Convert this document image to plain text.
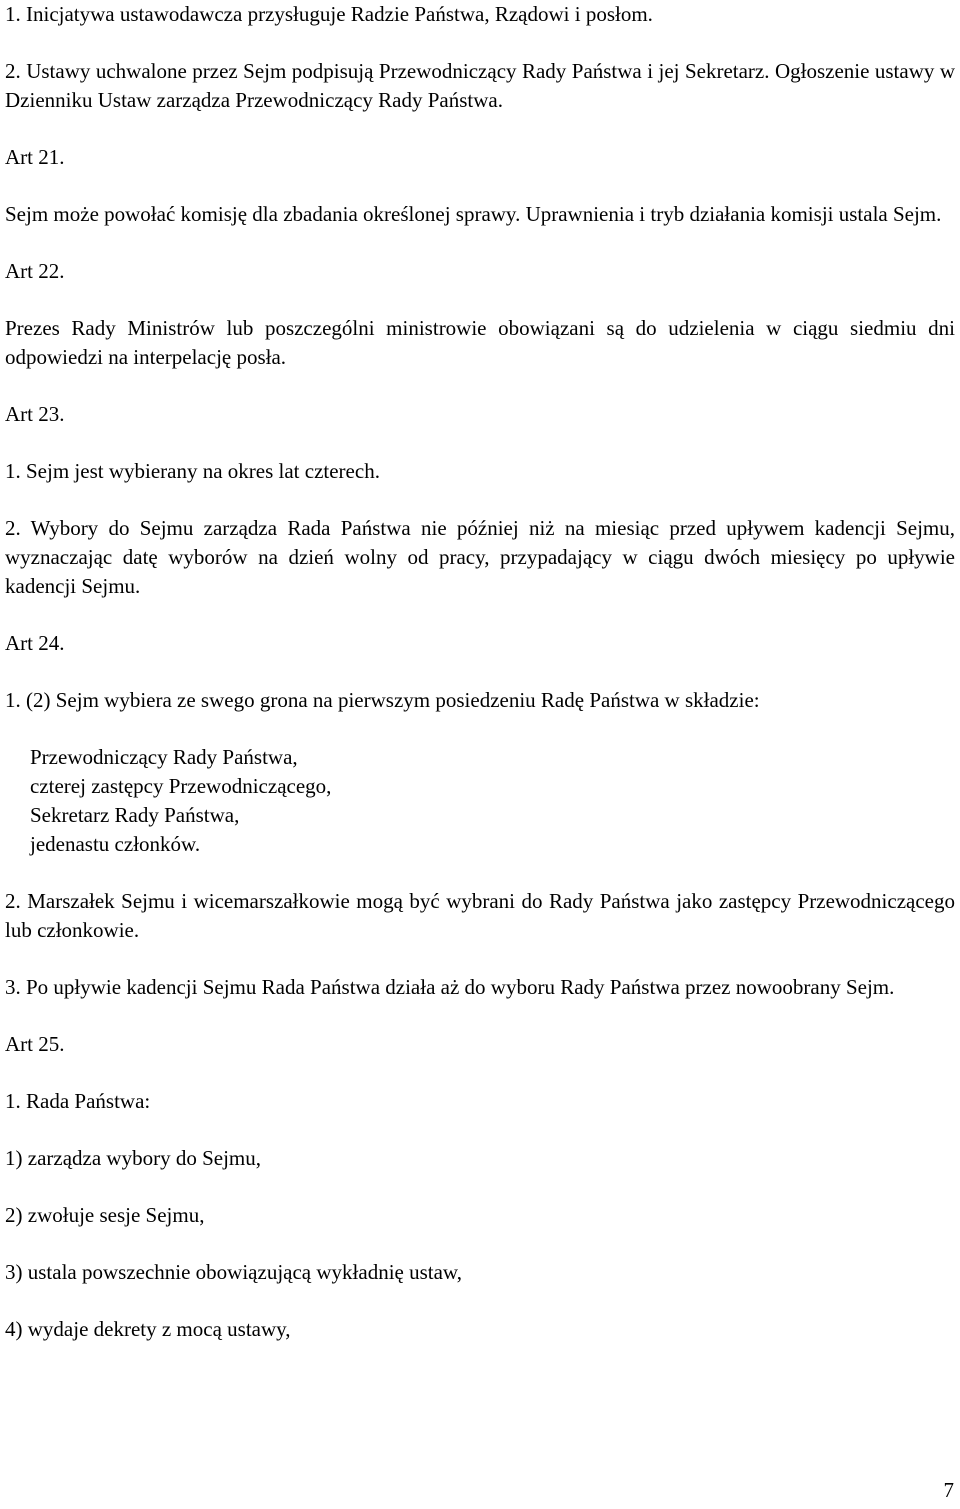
1. Inicjatywa ustawodawcza przysługuje Radzie Państwa, Rządowi i posłom.

2. Ustawy uchwalone przez Sejm podpisują Przewodniczący Rady Państwa i jej Sekretarz. Ogłoszenie ustawy w Dzienniku Ustaw zarządza Przewodniczący Rady Państwa.

Art 21.

Sejm może powołać komisję dla zbadania określonej sprawy. Uprawnienia i tryb działania komisji ustala Sejm.

Art 22.

Prezes Rady Ministrów lub poszczególni ministrowie obowiązani są do udzielenia w ciągu siedmiu dni odpowiedzi na interpelację posła.

Art 23.

1. Sejm jest wybierany na okres lat czterech.

2. Wybory do Sejmu zarządza Rada Państwa nie później niż na miesiąc przed upływem kadencji Sejmu, wyznaczając datę wyborów na dzień wolny od pracy, przypadający w ciągu dwóch miesięcy po upływie kadencji Sejmu.

Art 24.

1. (2) Sejm wybiera ze swego grona na pierwszym posiedzeniu Radę Państwa w składzie:

Przewodniczący Rady Państwa,

czterej zastępcy Przewodniczącego,

Sekretarz Rady Państwa,

jedenastu członków.

2. Marszałek Sejmu i wicemarszałkowie mogą być wybrani do Rady Państwa jako zastępcy Przewodniczącego lub członkowie.

3. Po upływie kadencji Sejmu Rada Państwa działa aż do wyboru Rady Państwa przez nowoobrany Sejm.

Art 25.

1. Rada Państwa:

1) zarządza wybory do Sejmu,

2) zwołuje sesje Sejmu,

3) ustala powszechnie obowiązującą wykładnię ustaw,

4) wydaje dekrety z mocą ustawy,

7
